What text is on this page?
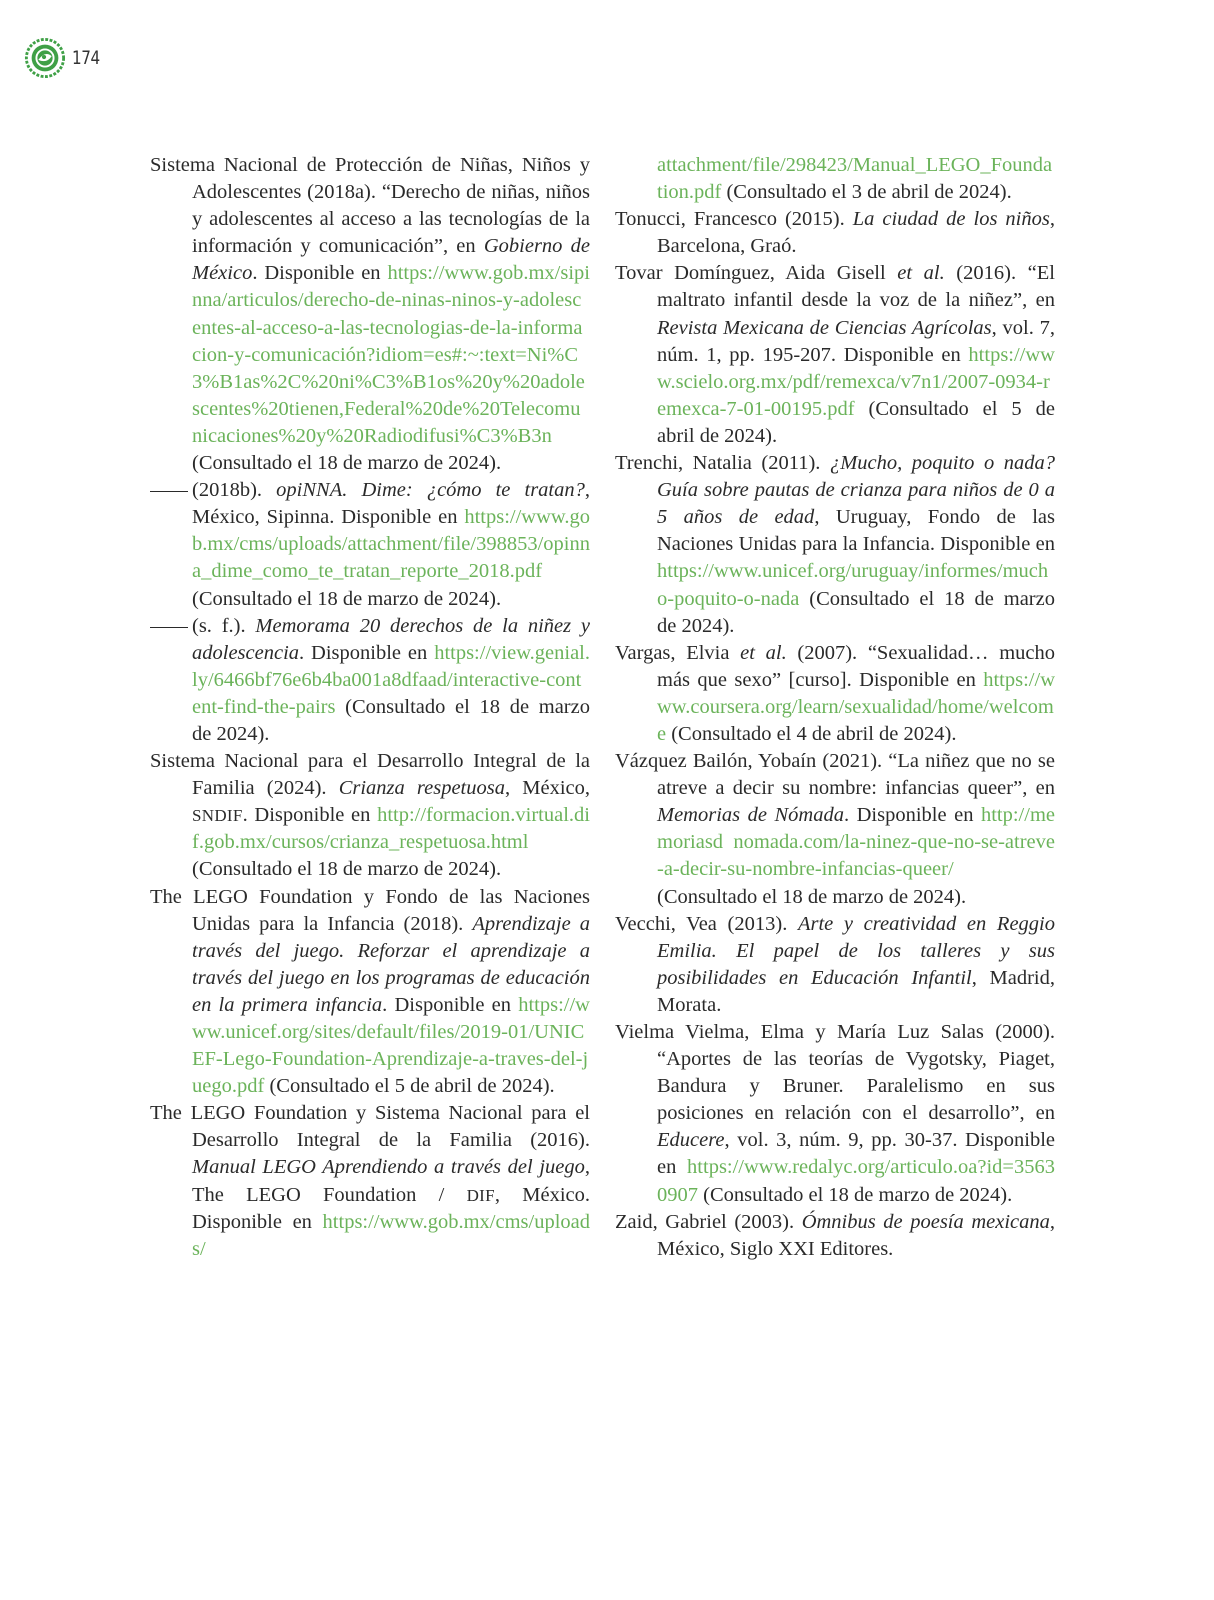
174

Sistema Nacional de Protección de Niñas, Niños y Adolescentes (2018a). “Derecho de niñas, niños y adolescentes al acceso a las tecnologías de la información y comunicación”, en Gobierno de México. Disponible en https://www.gob.mx/sipinna/articulos/derecho-de-ninas-ninos-y-adolescentes-al-acceso-a-las-tecnologias-de-la-informacion-y-comunicación?idiom=es#:~:text=Ni%C3%B1as%2C%20ni%C3%B1os%20y%20adolescentes%20tienen,Federal%20de%20Telecomunicaciones%20y%20Radiodifusi%C3%B3n (Consultado el 18 de marzo de 2024).

(2018b). opiNNA. Dime: ¿cómo te tratan?, México, Sipinna. Disponible en https://www.gob.mx/cms/uploads/attachment/file/398853/opinna_dime_como_te_tratan_reporte_2018.pdf (Consultado el 18 de marzo de 2024).

(s. f.). Memorama 20 derechos de la niñez y adolescencia. Disponible en https://view.genial.ly/6466bf76e6b4ba001a8dfaad/interactive-content-find-the-pairs (Consultado el 18 de marzo de 2024).

Sistema Nacional para el Desarrollo Integral de la Familia (2024). Crianza respetuosa, México, SNDIF. Disponible en http://formacion.virtual.dif.gob.mx/cursos/crianza_respetuosa.html (Consultado el 18 de marzo de 2024).

The LEGO Foundation y Fondo de las Naciones Unidas para la Infancia (2018). Aprendizaje a través del juego. Reforzar el aprendizaje a través del juego en los programas de educación en la primera infancia. Disponible en https://www.unicef.org/sites/default/files/2019-01/UNICEF-Lego-Foundation-Aprendizaje-a-traves-del-juego.pdf (Consultado el 5 de abril de 2024).

The LEGO Foundation y Sistema Nacional para el Desarrollo Integral de la Familia (2016). Manual LEGO Aprendiendo a través del juego, The LEGO Foundation / DIF, México. Disponible en https://www.gob.mx/cms/uploads/

attachment/file/298423/Manual_LEGO_Foundation.pdf (Consultado el 3 de abril de 2024).

Tonucci, Francesco (2015). La ciudad de los niños, Barcelona, Graó.

Tovar Domínguez, Aida Gisell et al. (2016). “El maltrato infantil desde la voz de la niñez”, en Revista Mexicana de Ciencias Agrícolas, vol. 7, núm. 1, pp. 195-207. Disponible en https://www.scielo.org.mx/pdf/remexca/v7n1/2007-0934-remexca-7-01-00195.pdf (Consultado el 5 de abril de 2024).

Trenchi, Natalia (2011). ¿Mucho, poquito o nada? Guía sobre pautas de crianza para niños de 0 a 5 años de edad, Uruguay, Fondo de las Naciones Unidas para la Infancia. Disponible en https://www.unicef.org/uruguay/informes/mucho-poquito-o-nada (Consultado el 18 de marzo de 2024).

Vargas, Elvia et al. (2007). “Sexualidad… mucho más que sexo” [curso]. Disponible en https://www.coursera.org/learn/sexualidad/home/welcome (Consultado el 4 de abril de 2024).

Vázquez Bailón, Yobaín (2021). “La niñez que no se atreve a decir su nombre: infancias queer”, en Memorias de Nómada. Disponible en http://memoriasd nomada.com/la-ninez-que-no-se-atreve-a-decir-su-nombre-infancias-queer/ (Consultado el 18 de marzo de 2024).

Vecchi, Vea (2013). Arte y creatividad en Reggio Emilia. El papel de los talleres y sus posibilidades en Educación Infantil, Madrid, Morata.

Vielma Vielma, Elma y María Luz Salas (2000). “Aportes de las teorías de Vygotsky, Piaget, Bandura y Bruner. Paralelismo en sus posiciones en relación con el desarrollo”, en Educere, vol. 3, núm. 9, pp. 30-37. Disponible en https://www.redalyc.org/articulo.oa?id=35630907 (Consultado el 18 de marzo de 2024).

Zaid, Gabriel (2003). Ómnibus de poesía mexicana, México, Siglo XXI Editores.
